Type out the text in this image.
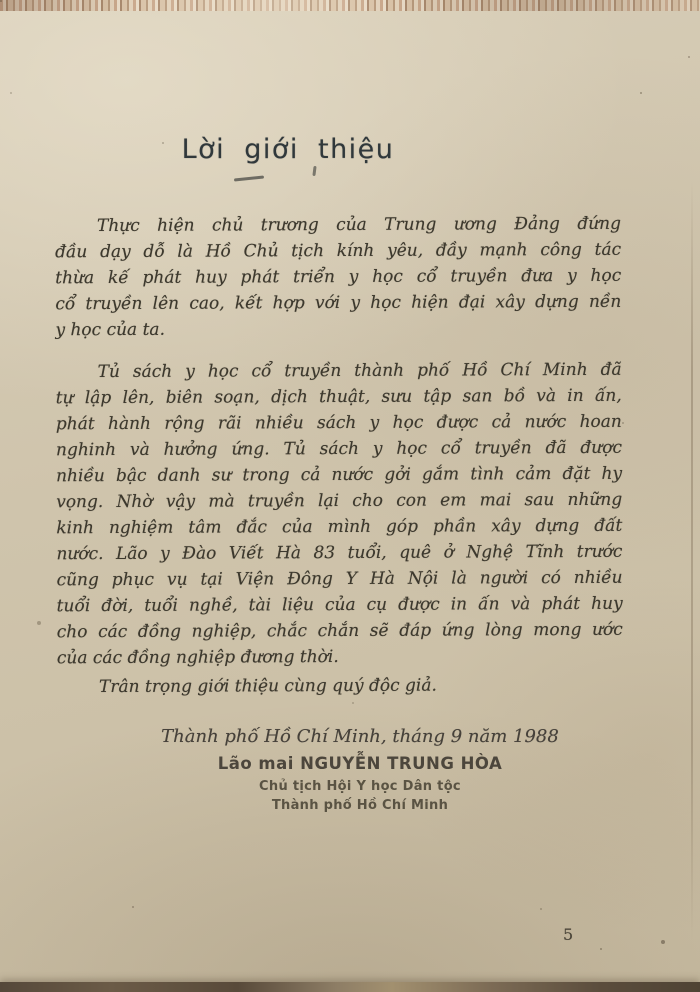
Lời giới thiệu
Thực hiện chủ trương của Trung ương Đảng đứng
đầu dạy dỗ là Hồ Chủ tịch kính yêu, đầy mạnh công tác
thừa kế phát huy phát triển y học cổ truyền đưa y học
cổ truyền lên cao, kết hợp với y học hiện đại xây dựng nền
y học của ta.
Tủ sách y học cổ truyền thành phố Hồ Chí Minh đã
tự lập lên, biên soạn, dịch thuật, sưu tập san bồ và in ấn,
phát hành rộng rãi nhiều sách y học được cả nước hoan
nghinh và hưởng ứng. Tủ sách y học cổ truyền đã được
nhiều bậc danh sư trong cả nước gởi gắm tình cảm đặt hy
vọng. Nhờ vậy mà truyền lại cho con em mai sau những
kinh nghiệm tâm đắc của mình góp phần xây dựng đất
nước. Lão y Đào Viết Hà 83 tuổi, quê ở Nghệ Tĩnh trước
cũng phục vụ tại Viện Đông Y Hà Nội là người có nhiều
tuổi đời, tuổi nghề, tài liệu của cụ được in ấn và phát huy
cho các đồng nghiệp, chắc chắn sẽ đáp ứng lòng mong ước
của các đồng nghiệp đương thời.
Trân trọng giới thiệu cùng quý độc giả.
Thành phố Hồ Chí Minh, tháng 9 năm 1988
Lão mai NGUYỄN TRUNG HÒA
Chủ tịch Hội Y học Dân tộc
Thành phố Hồ Chí Minh
5
